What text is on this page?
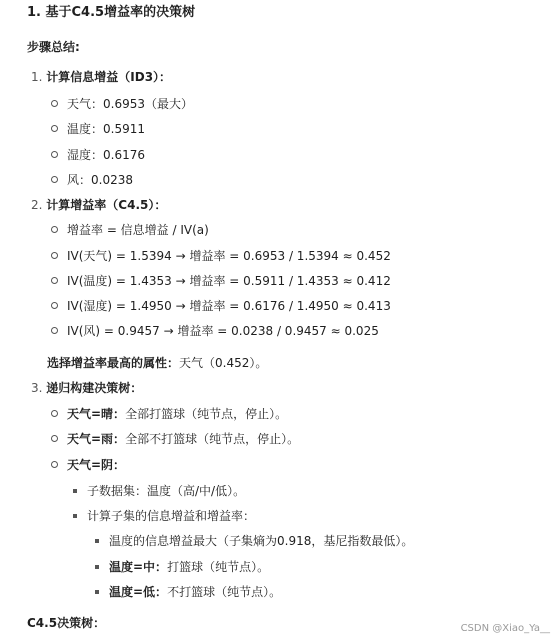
1. 基于C4.5增益率的决策树
步骤总结:
1. 计算信息增益（ID3）：
天气：0.6953（最大）
温度：0.5911
湿度：0.6176
风：0.0238
2. 计算增益率（C4.5）：
增益率 = 信息增益 / IV(a)
IV(天气) = 1.5394 → 增益率 = 0.6953 / 1.5394 ≈ 0.452
IV(温度) = 1.4353 → 增益率 = 0.5911 / 1.4353 ≈ 0.412
IV(湿度) = 1.4950 → 增益率 = 0.6176 / 1.4950 ≈ 0.413
IV(风) = 0.9457 → 增益率 = 0.0238 / 0.9457 ≈ 0.025
选择增益率最高的属性：天气（0.452）。
3. 递归构建决策树：
天气=晴：全部打篮球（纯节点，停止）。
天气=雨：全部不打篮球（纯节点，停止）。
天气=阴：
子数据集：温度（高/中/低）。
计算子集的信息增益和增益率：
温度的信息增益最大（子集熵为0.918，基尼指数最低）。
温度=中：打篮球（纯节点）。
温度=低：不打篮球（纯节点）。
C4.5决策树：	CSDN @Xiao_Ya__
